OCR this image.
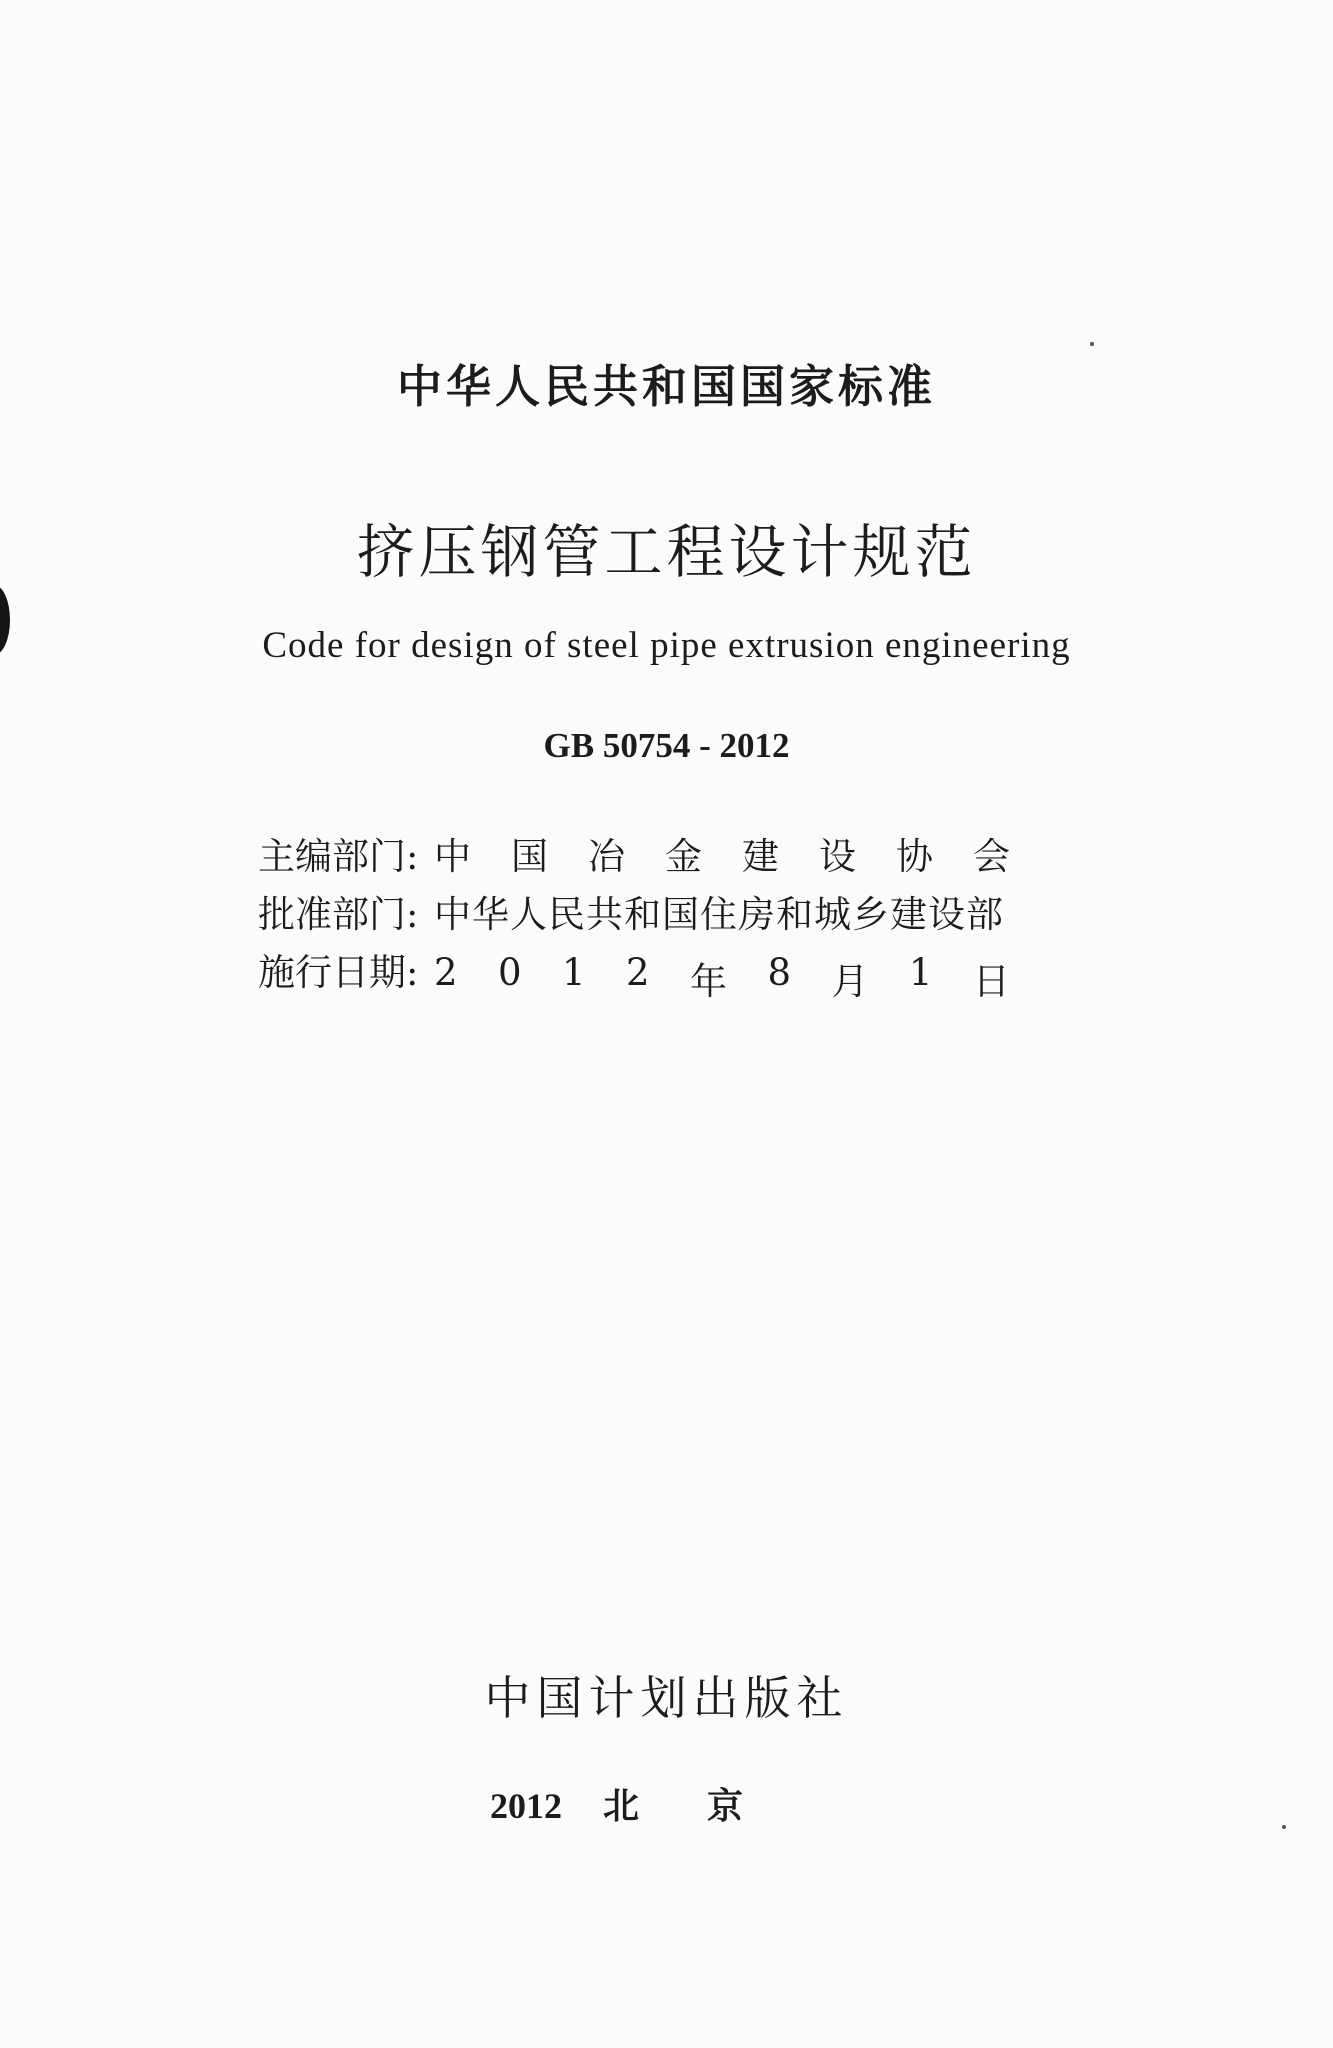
中华人民共和国国家标准
挤压钢管工程设计规范
Code for design of steel pipe extrusion engineering
GB 50754 - 2012
主编部门: 中 国 冶 金 建 设 协 会
批准部门: 中华人民共和国住房和城乡建设部
施行日期: 2 0 1 2 年 8 月 1 日
中国计划出版社
2012 北京
